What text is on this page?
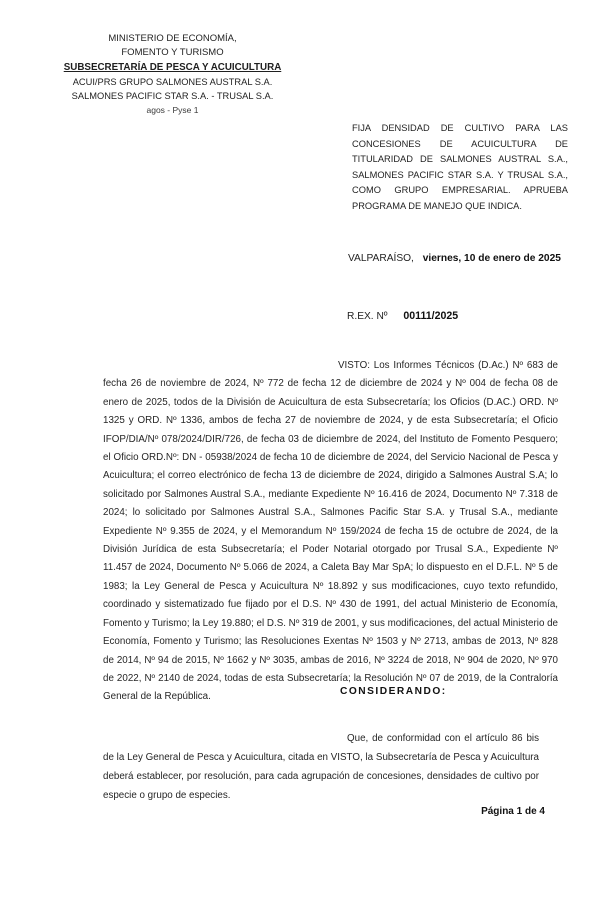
MINISTERIO DE ECONOMÍA,
FOMENTO Y TURISMO
SUBSECRETARÍA DE PESCA Y ACUICULTURA
ACUI/PRS GRUPO SALMONES AUSTRAL S.A.
SALMONES PACIFIC STAR S.A. - TRUSAL S.A.
agos - Pyse 1
FIJA DENSIDAD DE CULTIVO PARA LAS CONCESIONES DE ACUICULTURA DE TITULARIDAD DE SALMONES AUSTRAL S.A., SALMONES PACIFIC STAR S.A. Y TRUSAL S.A., COMO GRUPO EMPRESARIAL. APRUEBA PROGRAMA DE MANEJO QUE INDICA.
VALPARAÍSO, viernes, 10 de enero de 2025
R.EX. Nº 00111/2025

VISTO: Los Informes Técnicos (D.Ac.) Nº 683 de fecha 26 de noviembre de 2024, Nº 772 de fecha 12 de diciembre de 2024 y Nº 004 de fecha 08 de enero de 2025, todos de la División de Acuicultura de esta Subsecretaría; los Oficios (D.AC.) ORD. Nº 1325 y ORD. Nº 1336, ambos de fecha 27 de noviembre de 2024, y de esta Subsecretaría; el Oficio IFOP/DIA/Nº 078/2024/DIR/726, de fecha 03 de diciembre de 2024, del Instituto de Fomento Pesquero; el Oficio ORD.Nº: DN - 05938/2024 de fecha 10 de diciembre de 2024, del Servicio Nacional de Pesca y Acuicultura; el correo electrónico de fecha 13 de diciembre de 2024, dirigido a Salmones Austral S.A; lo solicitado por Salmones Austral S.A., mediante Expediente Nº 16.416 de 2024, Documento Nº 7.318 de 2024; lo solicitado por Salmones Austral S.A., Salmones Pacific Star S.A. y Trusal S.A., mediante Expediente Nº 9.355 de 2024, y el Memorandum Nº 159/2024 de fecha 15 de octubre de 2024, de la División Jurídica de esta Subsecretaría; el Poder Notarial otorgado por Trusal S.A., Expediente Nº 11.457 de 2024, Documento Nº 5.066 de 2024, a Caleta Bay Mar SpA; lo dispuesto en el D.F.L. Nº 5 de 1983; la Ley General de Pesca y Acuicultura Nº 18.892 y sus modificaciones, cuyo texto refundido, coordinado y sistematizado fue fijado por el D.S. Nº 430 de 1991, del actual Ministerio de Economía, Fomento y Turismo; la Ley 19.880; el D.S. Nº 319 de 2001, y sus modificaciones, del actual Ministerio de Economía, Fomento y Turismo; las Resoluciones Exentas Nº 1503 y Nº 2713, ambas de 2013, Nº 828 de 2014, Nº 94 de 2015, Nº 1662 y Nº 3035, ambas de 2016, Nº 3224 de 2018, Nº 904 de 2020, Nº 970 de 2022, Nº 2140 de 2024, todas de esta Subsecretaría; la Resolución Nº 07 de 2019, de la Contraloría General de la República.	CONSIDERANDO:

Que, de conformidad con el artículo 86 bis de la Ley General de Pesca y Acuicultura, citada en VISTO, la Subsecretaría de Pesca y Acuicultura deberá establecer, por resolución, para cada agrupación de concesiones, densidades de cultivo por especie o grupo de especies.

Página 1 de 4
